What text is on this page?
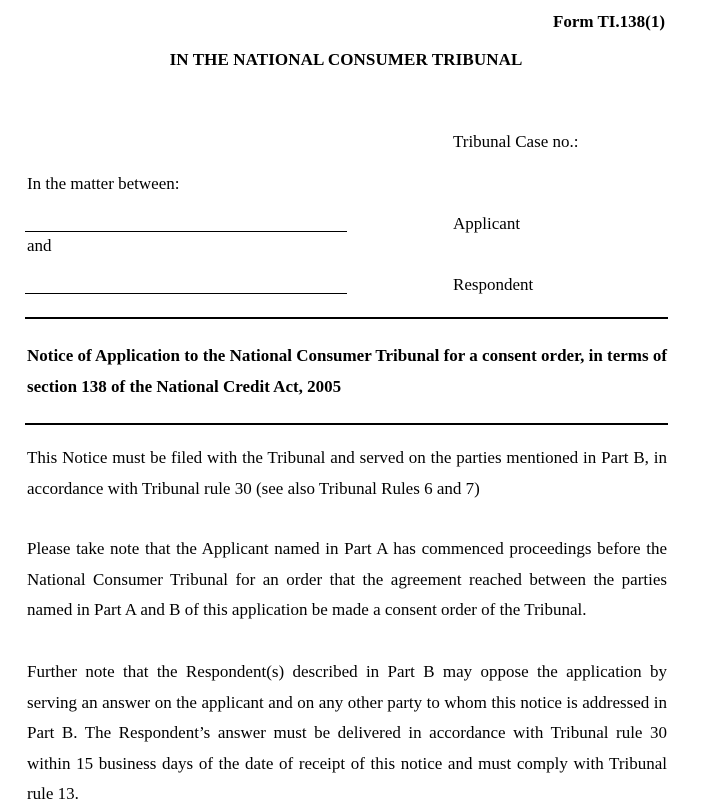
Form TI.138(1)
IN THE NATIONAL CONSUMER TRIBUNAL
Tribunal Case no.:
In the matter between:
Applicant
and
Respondent
Notice of Application to the National Consumer Tribunal for a consent order, in terms of section 138 of the National Credit Act, 2005
This Notice must be filed with the Tribunal and served on the parties mentioned in Part B, in accordance with Tribunal rule 30 (see also Tribunal Rules 6 and 7)
Please take note that the Applicant named in Part A has commenced proceedings before the National Consumer Tribunal for an order that the agreement reached between the parties named in Part A and B of this application be made a consent order of the Tribunal.
Further note that the Respondent(s) described in Part B may oppose the application by serving an answer on the applicant and on any other party to whom this notice is addressed in Part B. The Respondent’s answer must be delivered in accordance with Tribunal rule 30 within 15 business days of the date of receipt of this notice and must comply with Tribunal rule 13.
